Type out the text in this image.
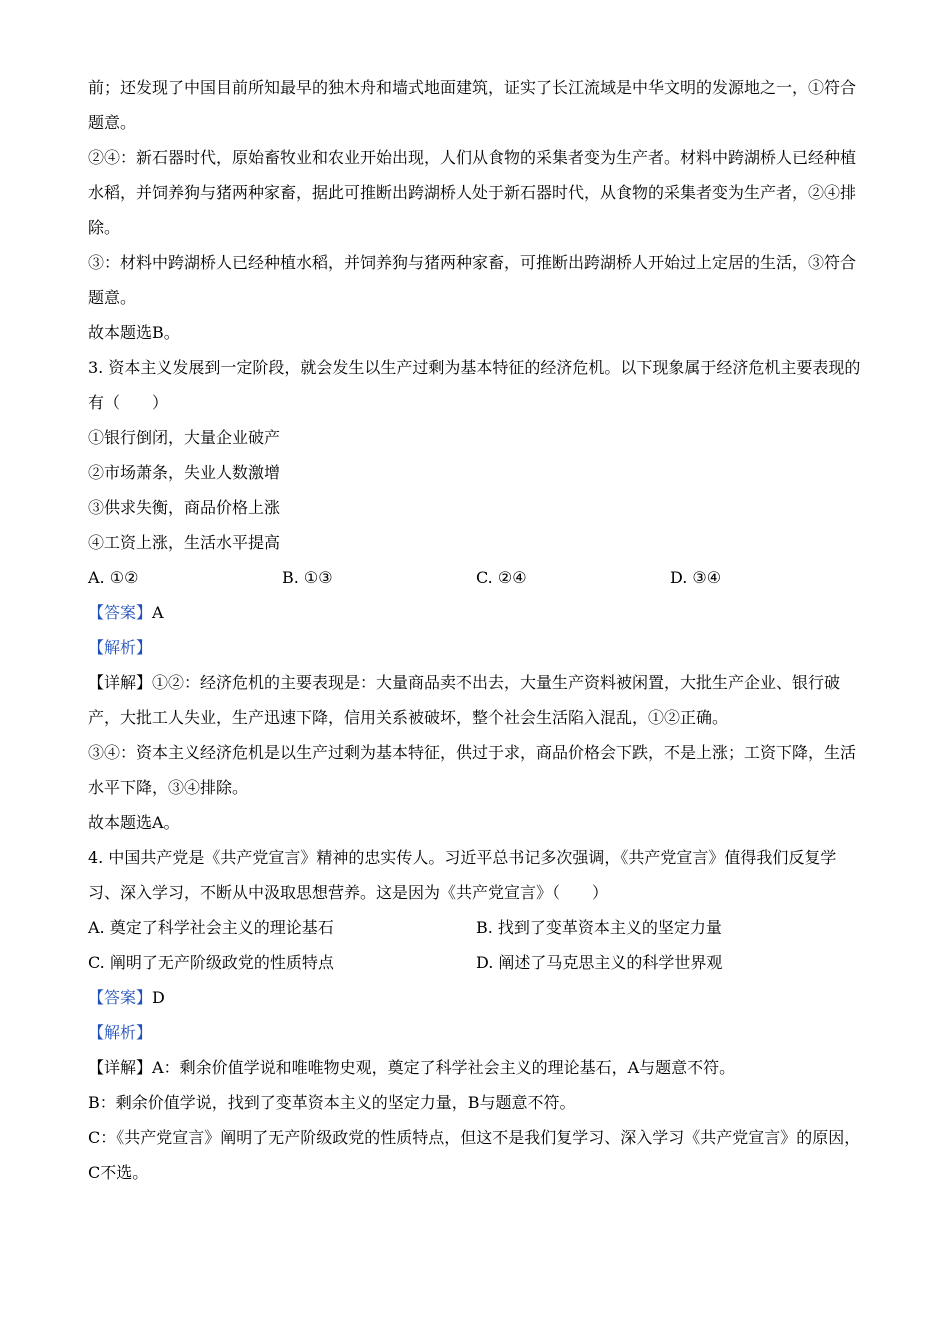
前；还发现了中国目前所知最早的独木舟和墙式地面建筑，证实了长江流域是中华文明的发源地之一，①符合题意。

②④：新石器时代，原始畜牧业和农业开始出现，人们从食物的采集者变为生产者。材料中跨湖桥人已经种植水稻，并饲养狗与猪两种家畜，据此可推断出跨湖桥人处于新石器时代，从食物的采集者变为生产者，②④排除。

③：材料中跨湖桥人已经种植水稻，并饲养狗与猪两种家畜，可推断出跨湖桥人开始过上定居的生活，③符合题意。

故本题选B。

3. 资本主义发展到一定阶段，就会发生以生产过剩为基本特征的经济危机。以下现象属于经济危机主要表现的有（　　）

①银行倒闭，大量企业破产

②市场萧条，失业人数激增

③供求失衡，商品价格上涨

④工资上涨，生活水平提高

A. ①②	B. ①③	C. ②④	D. ③④

【答案】A

【解析】

【详解】①②：经济危机的主要表现是：大量商品卖不出去，大量生产资料被闲置，大批生产企业、银行破产，大批工人失业，生产迅速下降，信用关系被破坏，整个社会生活陷入混乱，①②正确。

③④：资本主义经济危机是以生产过剩为基本特征，供过于求，商品价格会下跌，不是上涨；工资下降，生活水平下降，③④排除。

故本题选A。

4. 中国共产党是《共产党宣言》精神的忠实传人。习近平总书记多次强调，《共产党宣言》值得我们反复学习、深入学习，不断从中汲取思想营养。这是因为《共产党宣言》（　　）

A. 奠定了科学社会主义的理论基石	B. 找到了变革资本主义的坚定力量
C. 阐明了无产阶级政党的性质特点	D. 阐述了马克思主义的科学世界观

【答案】D

【解析】

【详解】A：剩余价值学说和唯唯物史观，奠定了科学社会主义的理论基石，A与题意不符。

B：剩余价值学说，找到了变革资本主义的坚定力量，B与题意不符。

C：《共产党宣言》阐明了无产阶级政党的性质特点，但这不是我们复学习、深入学习《共产党宣言》的原因，C不选。
